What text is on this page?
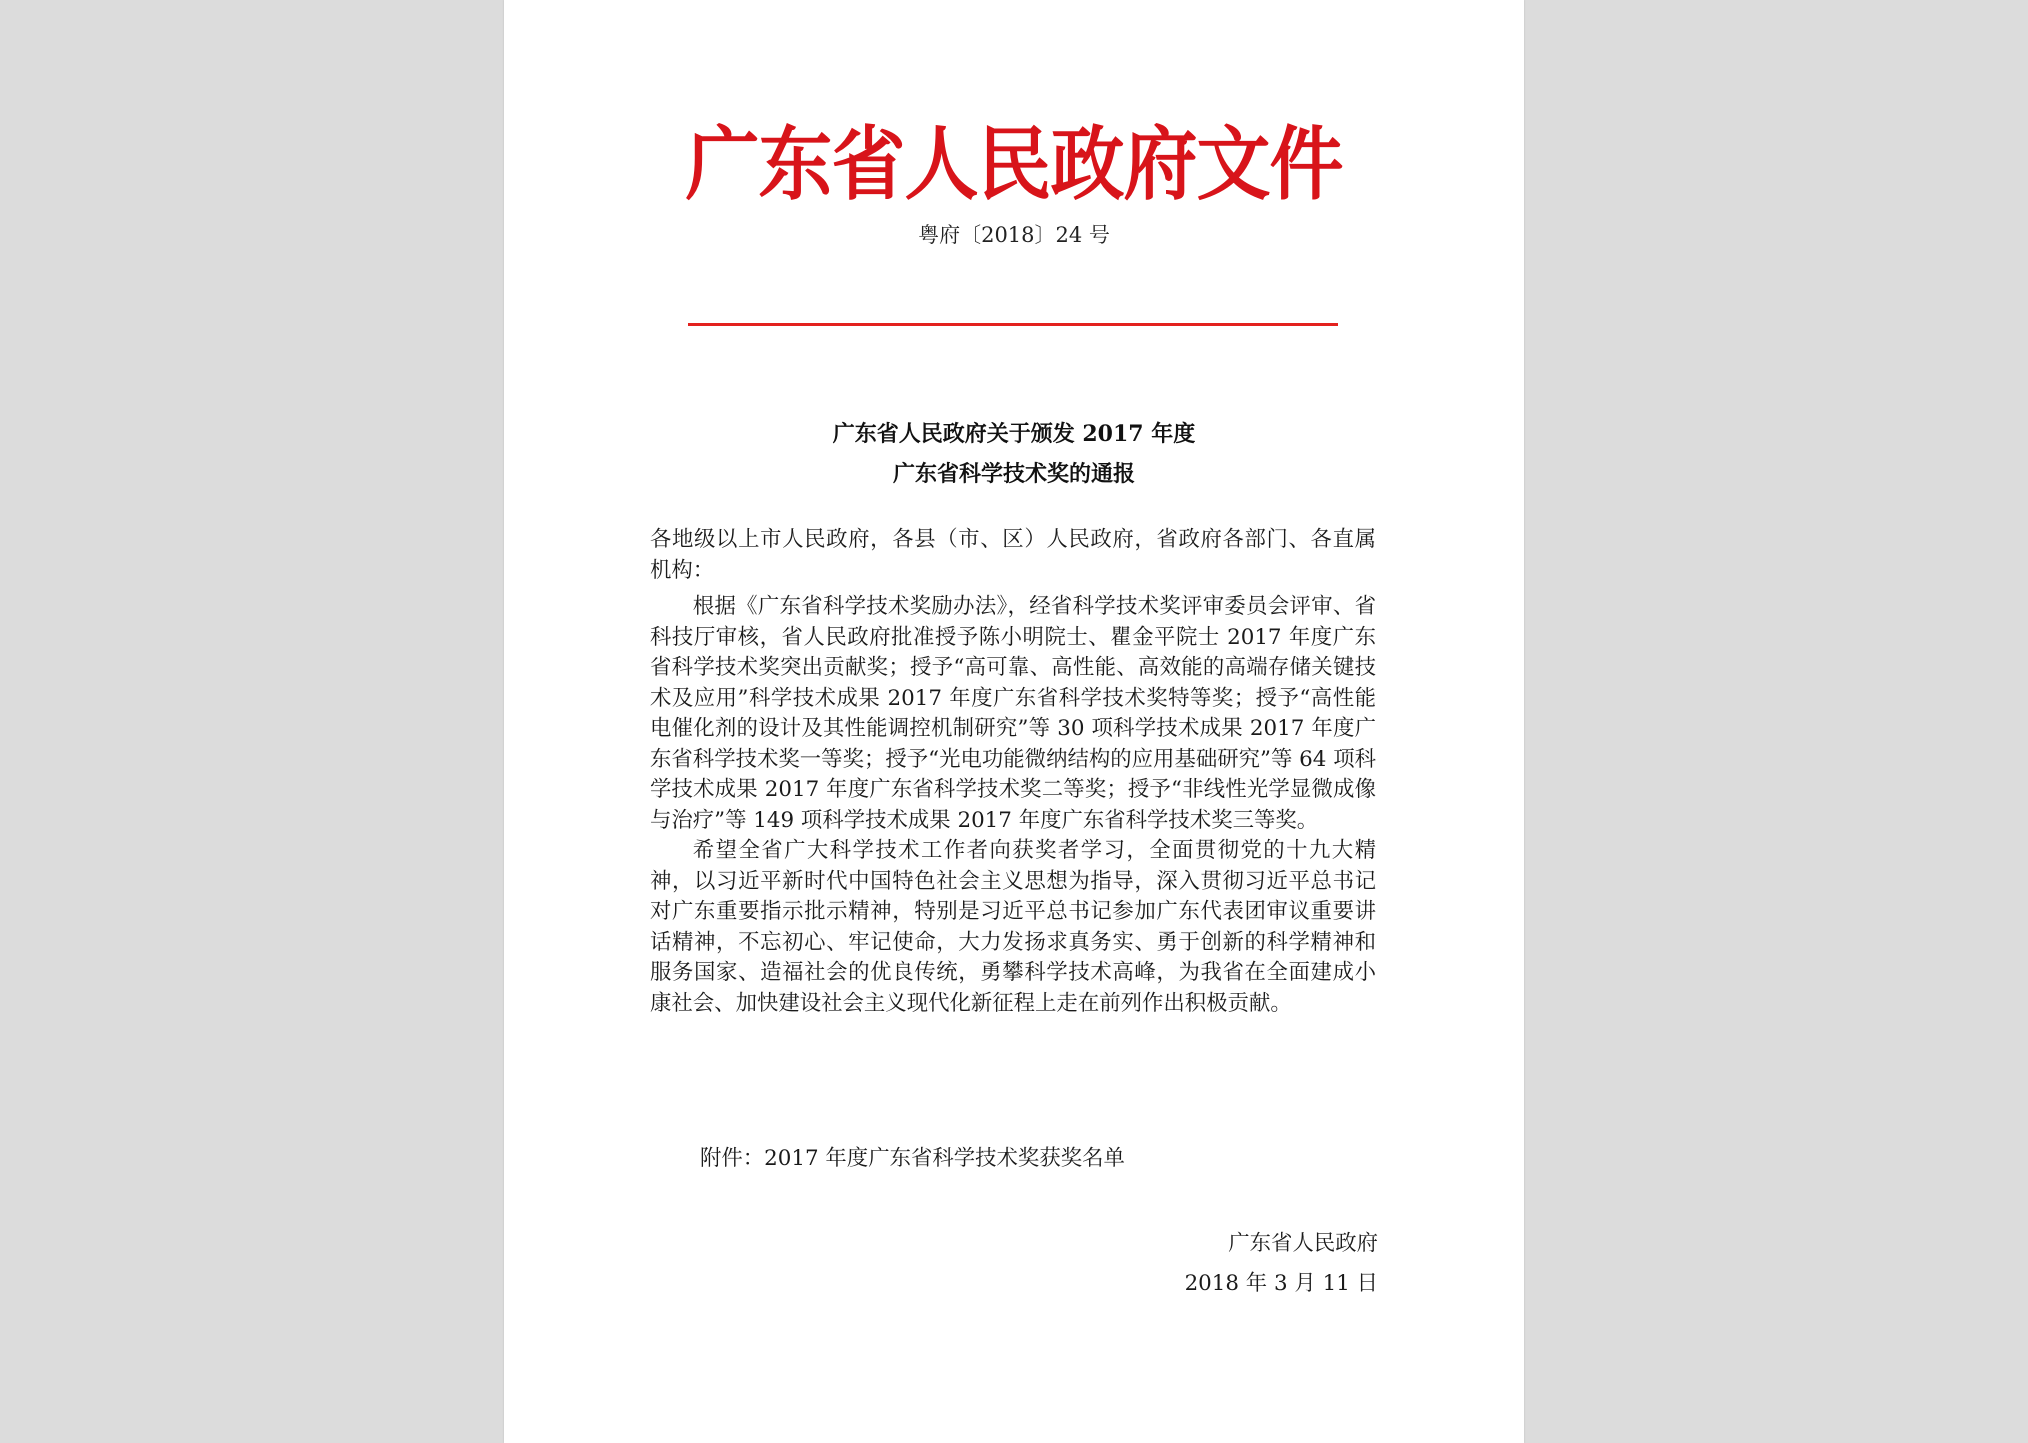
广东省人民政府文件
粤府〔2018〕24 号
广东省人民政府关于颁发 2017 年度
广东省科学技术奖的通报

各地级以上市人民政府，各县（市、区）人民政府，省政府各部门、各直属机构：

根据《广东省科学技术奖励办法》，经省科学技术奖评审委员会评审、省科技厅审核，省人民政府批准授予陈小明院士、瞿金平院士 2017 年度广东省科学技术奖突出贡献奖；授予“高可靠、高性能、高效能的高端存储关键技术及应用”科学技术成果 2017 年度广东省科学技术奖特等奖；授予“高性能电催化剂的设计及其性能调控机制研究”等 30 项科学技术成果 2017 年度广东省科学技术奖一等奖；授予“光电功能微纳结构的应用基础研究”等 64 项科学技术成果 2017 年度广东省科学技术奖二等奖；授予“非线性光学显微成像与治疗”等 149 项科学技术成果 2017 年度广东省科学技术奖三等奖。

希望全省广大科学技术工作者向获奖者学习，全面贯彻党的十九大精神，以习近平新时代中国特色社会主义思想为指导，深入贯彻习近平总书记对广东重要指示批示精神，特别是习近平总书记参加广东代表团审议重要讲话精神，不忘初心、牢记使命，大力发扬求真务实、勇于创新的科学精神和服务国家、造福社会的优良传统，勇攀科学技术高峰，为我省在全面建成小康社会、加快建设社会主义现代化新征程上走在前列作出积极贡献。

附件：2017 年度广东省科学技术奖获奖名单
广东省人民政府
2018 年 3 月 11 日
